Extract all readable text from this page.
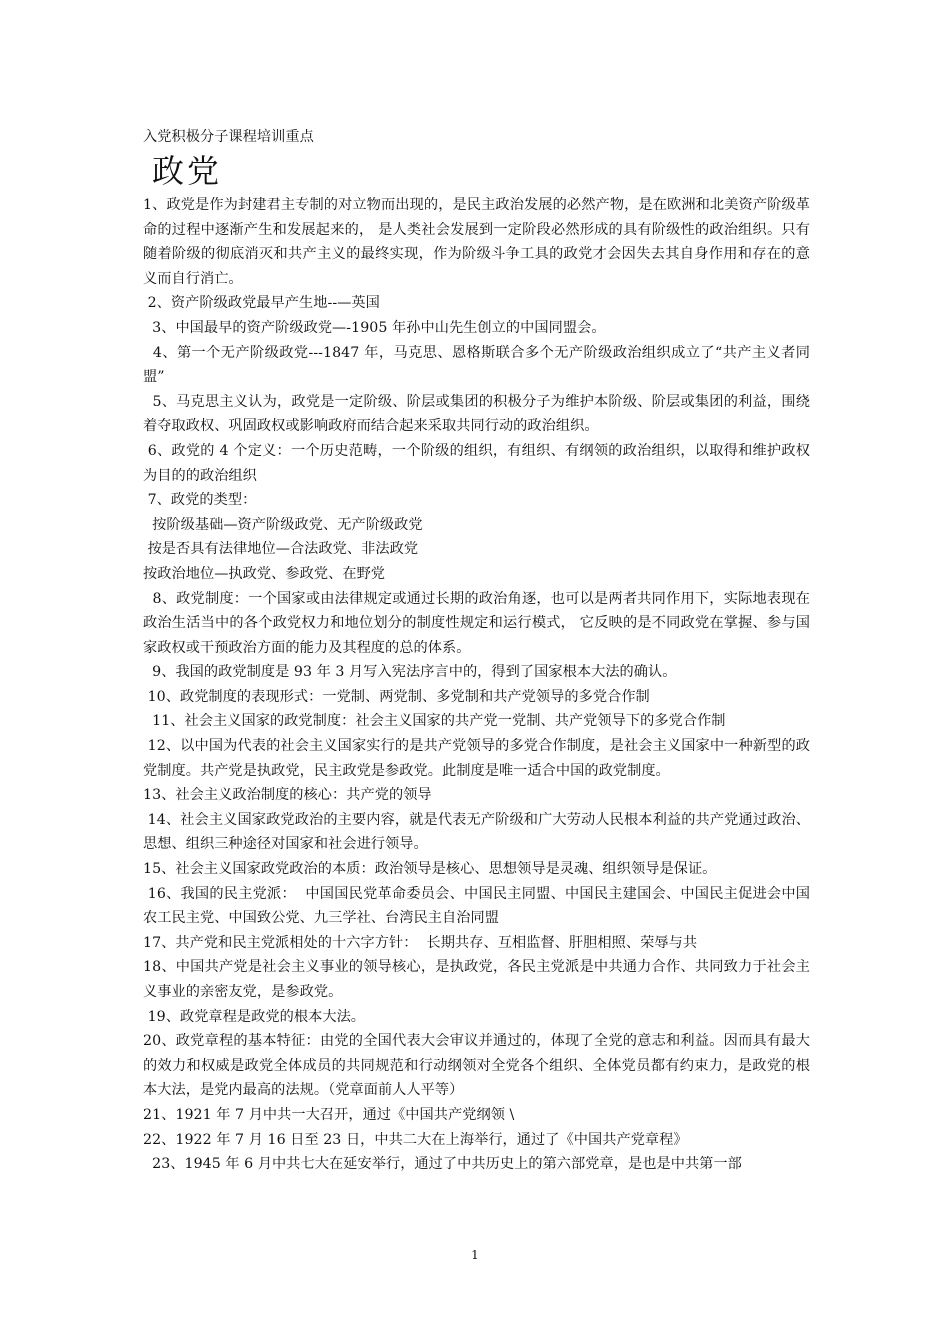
入党积极分子课程培训重点

政党

1、政党是作为封建君主专制的对立物而出现的，是民主政治发展的必然产物，是在欧洲和北美资产阶级革命的过程中逐渐产生和发展起来的， 是人类社会发展到一定阶段必然形成的具有阶级性的政治组织。只有随着阶级的彻底消灭和共产主义的最终实现，作为阶级斗争工具的政党才会因失去其自身作用和存在的意义而自行消亡。

2、资产阶级政党最早产生地--—英国

3、中国最早的资产阶级政党—-1905 年孙中山先生创立的中国同盟会。

4、第一个无产阶级政党---1847 年，马克思、恩格斯联合多个无产阶级政治组织成立了“共产主义者同盟”

5、马克思主义认为，政党是一定阶级、阶层或集团的积极分子为维护本阶级、阶层或集团的利益，围绕着夺取政权、巩固政权或影响政府而结合起来采取共同行动的政治组织。

6、政党的 4 个定义：一个历史范畴，一个阶级的组织，有组织、有纲领的政治组织，以取得和维护政权为目的的政治组织

7、政党的类型：

按阶级基础—资产阶级政党、无产阶级政党

按是否具有法律地位—合法政党、非法政党

按政治地位—执政党、参政党、在野党

8、政党制度：一个国家或由法律规定或通过长期的政治角逐，也可以是两者共同作用下，实际地表现在政治生活当中的各个政党权力和地位划分的制度性规定和运行模式， 它反映的是不同政党在掌握、参与国家政权或干预政治方面的能力及其程度的总的体系。

9、我国的政党制度是 93 年 3 月写入宪法序言中的，得到了国家根本大法的确认。

10、政党制度的表现形式：一党制、两党制、多党制和共产党领导的多党合作制

11、社会主义国家的政党制度：社会主义国家的共产党一党制、共产党领导下的多党合作制

12、以中国为代表的社会主义国家实行的是共产党领导的多党合作制度，是社会主义国家中一种新型的政党制度。共产党是执政党，民主政党是参政党。此制度是唯一适合中国的政党制度。

13、社会主义政治制度的核心：共产党的领导

14、社会主义国家政党政治的主要内容，就是代表无产阶级和广大劳动人民根本利益的共产党通过政治、思想、组织三种途径对国家和社会进行领导。

15、社会主义国家政党政治的本质：政治领导是核心、思想领导是灵魂、组织领导是保证。

16、我国的民主党派：  中国国民党革命委员会、中国民主同盟、中国民主建国会、中国民主促进会中国农工民主党、中国致公党、九三学社、台湾民主自治同盟

17、共产党和民主党派相处的十六字方针：  长期共存、互相监督、肝胆相照、荣辱与共

18、中国共产党是社会主义事业的领导核心，是执政党，各民主党派是中共通力合作、共同致力于社会主义事业的亲密友党，是参政党。

19、政党章程是政党的根本大法。

20、政党章程的基本特征：由党的全国代表大会审议并通过的，体现了全党的意志和利益。因而具有最大的效力和权威是政党全体成员的共同规范和行动纲领对全党各个组织、全体党员都有约束力，是政党的根本大法，是党内最高的法规。（党章面前人人平等）

21、1921 年 7 月中共一大召开，通过《中国共产党纲领 \

22、1922 年 7 月 16 日至 23 日，中共二大在上海举行，通过了《中国共产党章程》

23、1945 年 6 月中共七大在延安举行，通过了中共历史上的第六部党章，是也是中共第一部

1
